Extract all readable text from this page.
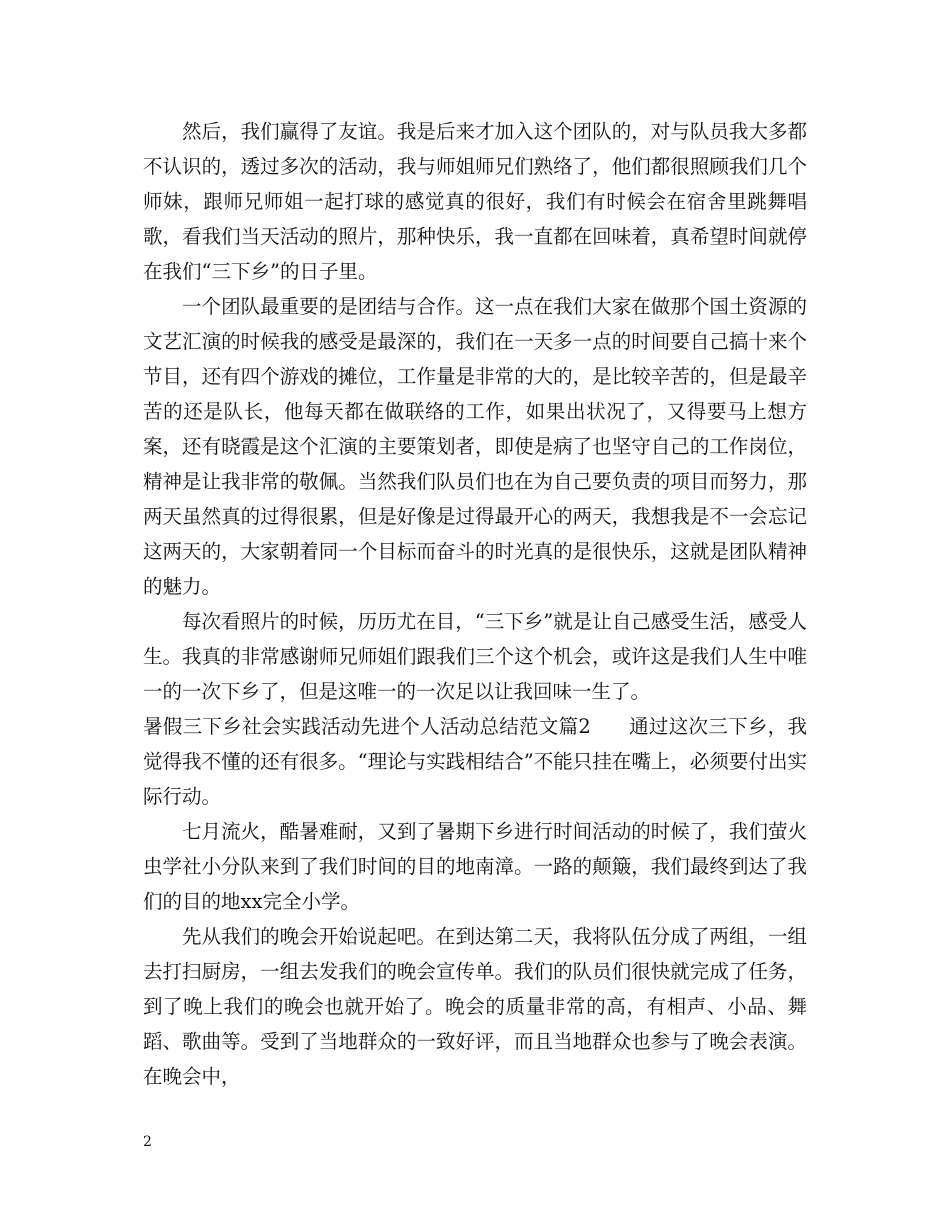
然后，我们赢得了友谊。我是后来才加入这个团队的，对与队员我大多都不认识的，透过多次的活动，我与师姐师兄们熟络了，他们都很照顾我们几个师妹，跟师兄师姐一起打球的感觉真的很好，我们有时候会在宿舍里跳舞唱歌，看我们当天活动的照片，那种快乐，我一直都在回味着，真希望时间就停在我们“三下乡”的日子里。

一个团队最重要的是团结与合作。这一点在我们大家在做那个国土资源的文艺汇演的时候我的感受是最深的，我们在一天多一点的时间要自己搞十来个节目，还有四个游戏的摊位，工作量是非常的大的，是比较辛苦的，但是最辛苦的还是队长，他每天都在做联络的工作，如果出状况了，又得要马上想方案，还有晓霞是这个汇演的主要策划者，即使是病了也坚守自己的工作岗位，精神是让我非常的敬佩。当然我们队员们也在为自己要负责的项目而努力，那两天虽然真的过得很累，但是好像是过得最开心的两天，我想我是不一会忘记这两天的，大家朝着同一个目标而奋斗的时光真的是很快乐，这就是团队精神的魅力。

每次看照片的时候，历历尤在目，“三下乡”就是让自己感受生活，感受人生。我真的非常感谢师兄师姐们跟我们三个这个机会，或许这是我们人生中唯一的一次下乡了，但是这唯一的一次足以让我回味一生了。

暑假三下乡社会实践活动先进个人活动总结范文篇2 通过这次三下乡，我觉得我不懂的还有很多。“理论与实践相结合”不能只挂在嘴上，必须要付出实际行动。

七月流火，酷暑难耐，又到了暑期下乡进行时间活动的时候了，我们萤火虫学社小分队来到了我们时间的目的地南漳。一路的颠簸，我们最终到达了我们的目的地xx完全小学。

先从我们的晚会开始说起吧。在到达第二天，我将队伍分成了两组，一组去打扫厨房，一组去发我们的晚会宣传单。我们的队员们很快就完成了任务，到了晚上我们的晚会也就开始了。晚会的质量非常的高，有相声、小品、舞蹈、歌曲等。受到了当地群众的一致好评，而且当地群众也参与了晚会表演。在晚会中，

2
